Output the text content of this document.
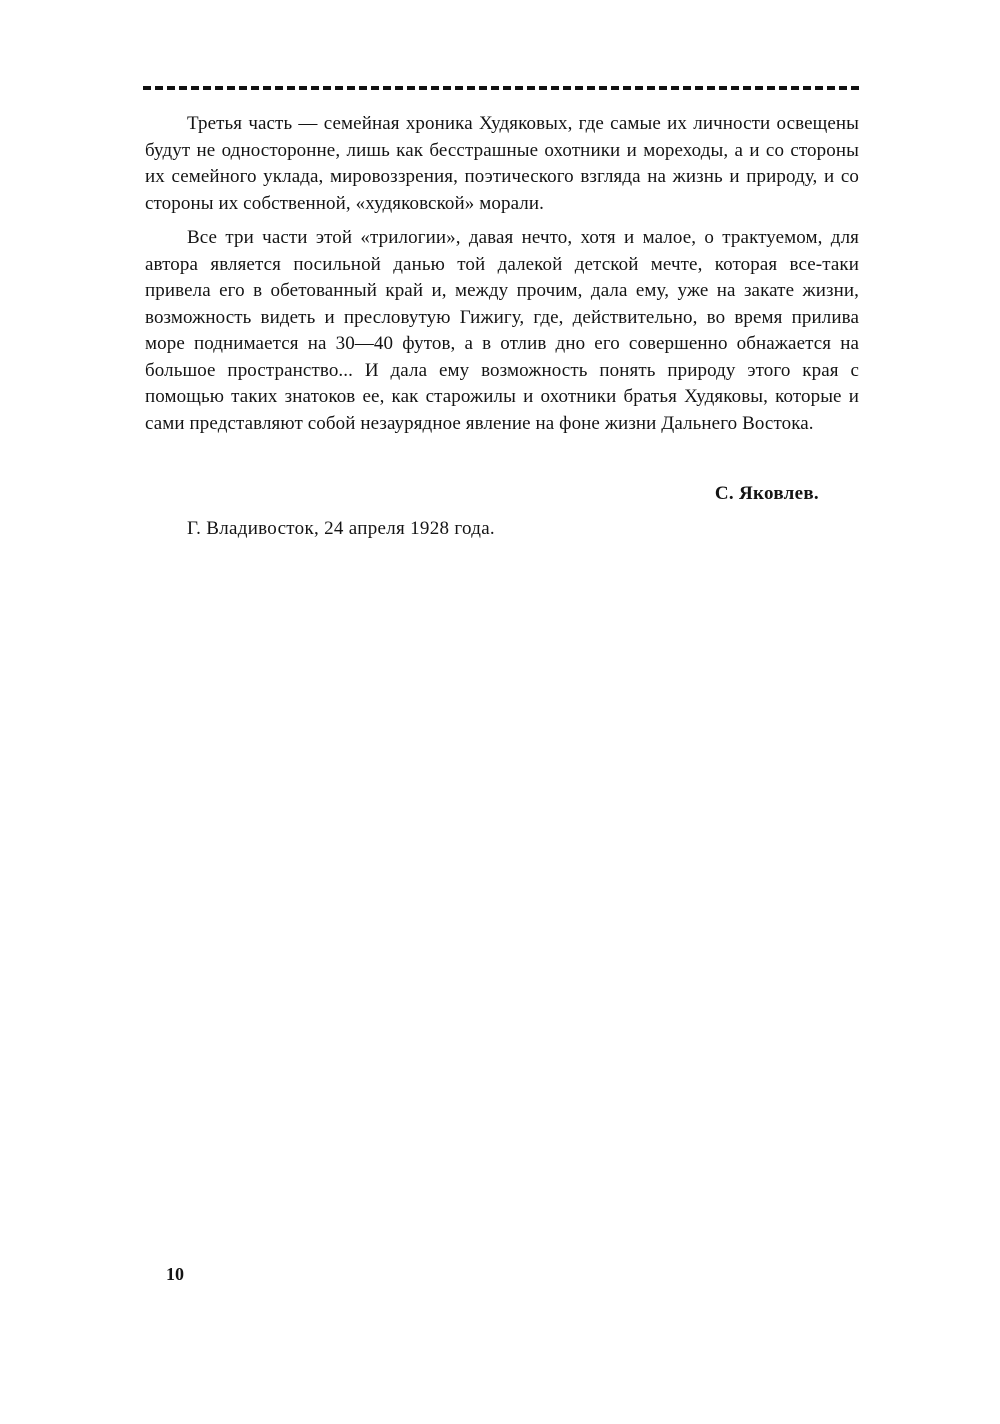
Третья часть — семейная хроника Худяковых, где самые их личности освещены будут не односторонне, лишь как бесстрашные охотники и мореходы, а и со стороны их семейного уклада, мировоззрения, поэтического взгляда на жизнь и природу, и со стороны их собственной, «худяковской» морали.

Все три части этой «трилогии», давая нечто, хотя и малое, о трактуемом, для автора является посильной данью той далекой детской мечте, которая все-таки привела его в обетованный край и, между прочим, дала ему, уже на закате жизни, возможность видеть и пресловутую Гижигу, где, действительно, во время прилива море поднимается на 30—40 футов, а в отлив дно его совершенно обнажается на большое пространство... И дала ему возможность понять природу этого края с помощью таких знатоков ее, как старожилы и охотники братья Худяковы, которые и сами представляют собой незаурядное явление на фоне жизни Дальнего Востока.

С. Яковлев.
Г. Владивосток, 24 апреля 1928 года.
10
